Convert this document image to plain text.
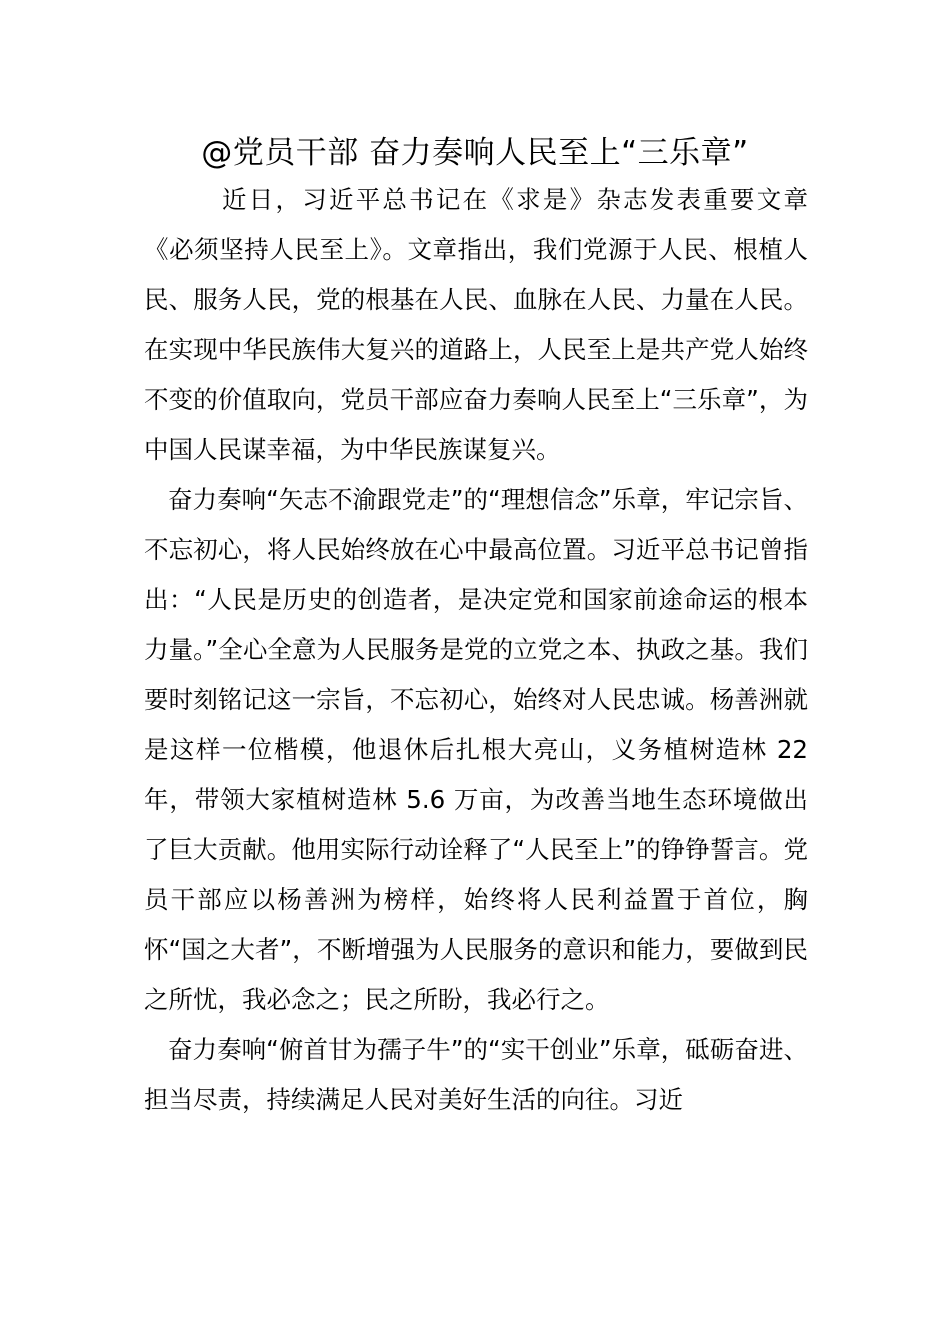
@党员干部 奋力奏响人民至上“三乐章”

近日，习近平总书记在《求是》杂志发表重要文章《必须坚持人民至上》。文章指出，我们党源于人民、根植人民、服务人民，党的根基在人民、血脉在人民、力量在人民。在实现中华民族伟大复兴的道路上，人民至上是共产党人始终不变的价值取向，党员干部应奋力奏响人民至上“三乐章”，为中国人民谋幸福，为中华民族谋复兴。

奋力奏响“矢志不渝跟党走”的“理想信念”乐章，牢记宗旨、不忘初心，将人民始终放在心中最高位置。习近平总书记曾指出：“人民是历史的创造者，是决定党和国家前途命运的根本力量。”全心全意为人民服务是党的立党之本、执政之基。我们要时刻铭记这一宗旨，不忘初心，始终对人民忠诚。杨善洲就是这样一位楷模，他退休后扎根大亮山，义务植树造林 22 年，带领大家植树造林 5.6 万亩，为改善当地生态环境做出了巨大贡献。他用实际行动诠释了“人民至上”的铮铮誓言。党员干部应以杨善洲为榜样，始终将人民利益置于首位，胸怀“国之大者”，不断增强为人民服务的意识和能力，要做到民之所忧，我必念之；民之所盼，我必行之。

奋力奏响“俯首甘为孺子牛”的“实干创业”乐章，砥砺奋进、担当尽责，持续满足人民对美好生活的向往。习近
